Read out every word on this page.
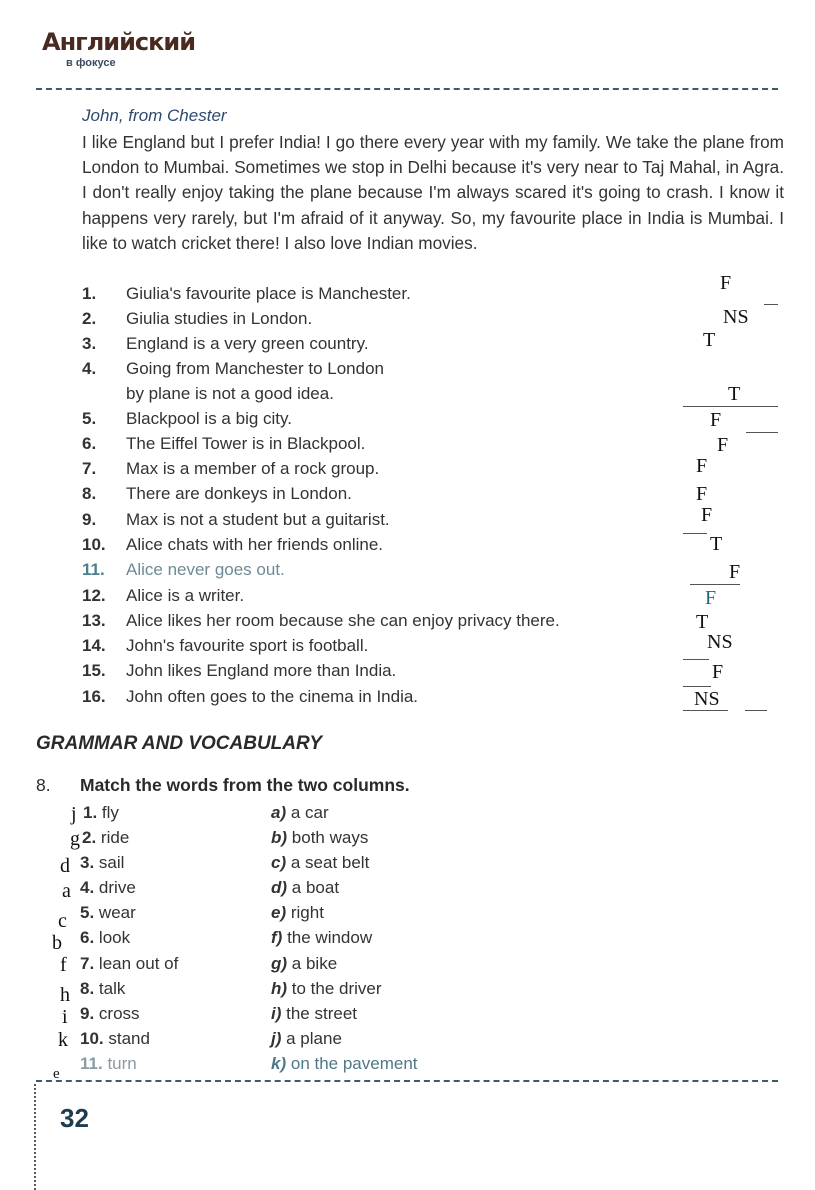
Английский
в фокусе
John, from Chester
I like England but I prefer India! I go there every year with my family. We take the plane from London to Mumbai. Sometimes we stop in Delhi because it's very near to Taj Mahal, in Agra. I don't really enjoy taking the plane because I'm always scared it's going to crash. I know it happens very rarely, but I'm afraid of it anyway. So, my favourite place in India is Mumbai. I like to watch cricket there! I also love Indian movies.
1. Giulia's favourite place is Manchester.
2. Giulia studies in London.
3. England is a very green country.
4. Going from Manchester to London
by plane is not a good idea.
5. Blackpool is a big city.
6. The Eiffel Tower is in Blackpool.
7. Max is a member of a rock group.
8. There are donkeys in London.
9. Max is not a student but a guitarist.
10. Alice chats with her friends online.
11. Alice never goes out.
12. Alice is a writer.
13. Alice likes her room because she can enjoy privacy there.
14. John's favourite sport is football.
15. John likes England more than India.
16. John often goes to the cinema in India.
F
NS
T
T
F
F
F
F
F
T
F
F
T
NS
F
NS
GRAMMAR AND VOCABULARY
8. Match the words from the two columns.
j 1. fly
g 2. ride
d 3. sail
a 4. drive
c 5. wear
b 6. look
f 7. lean out of
h 8. talk
i 9. cross
k 10. stand
e
11. turn
a) a car
b) both ways
c) a seat belt
d) a boat
e) right
f) the window
g) a bike
h) to the driver
i) the street
j) a plane
k) on the pavement
32
